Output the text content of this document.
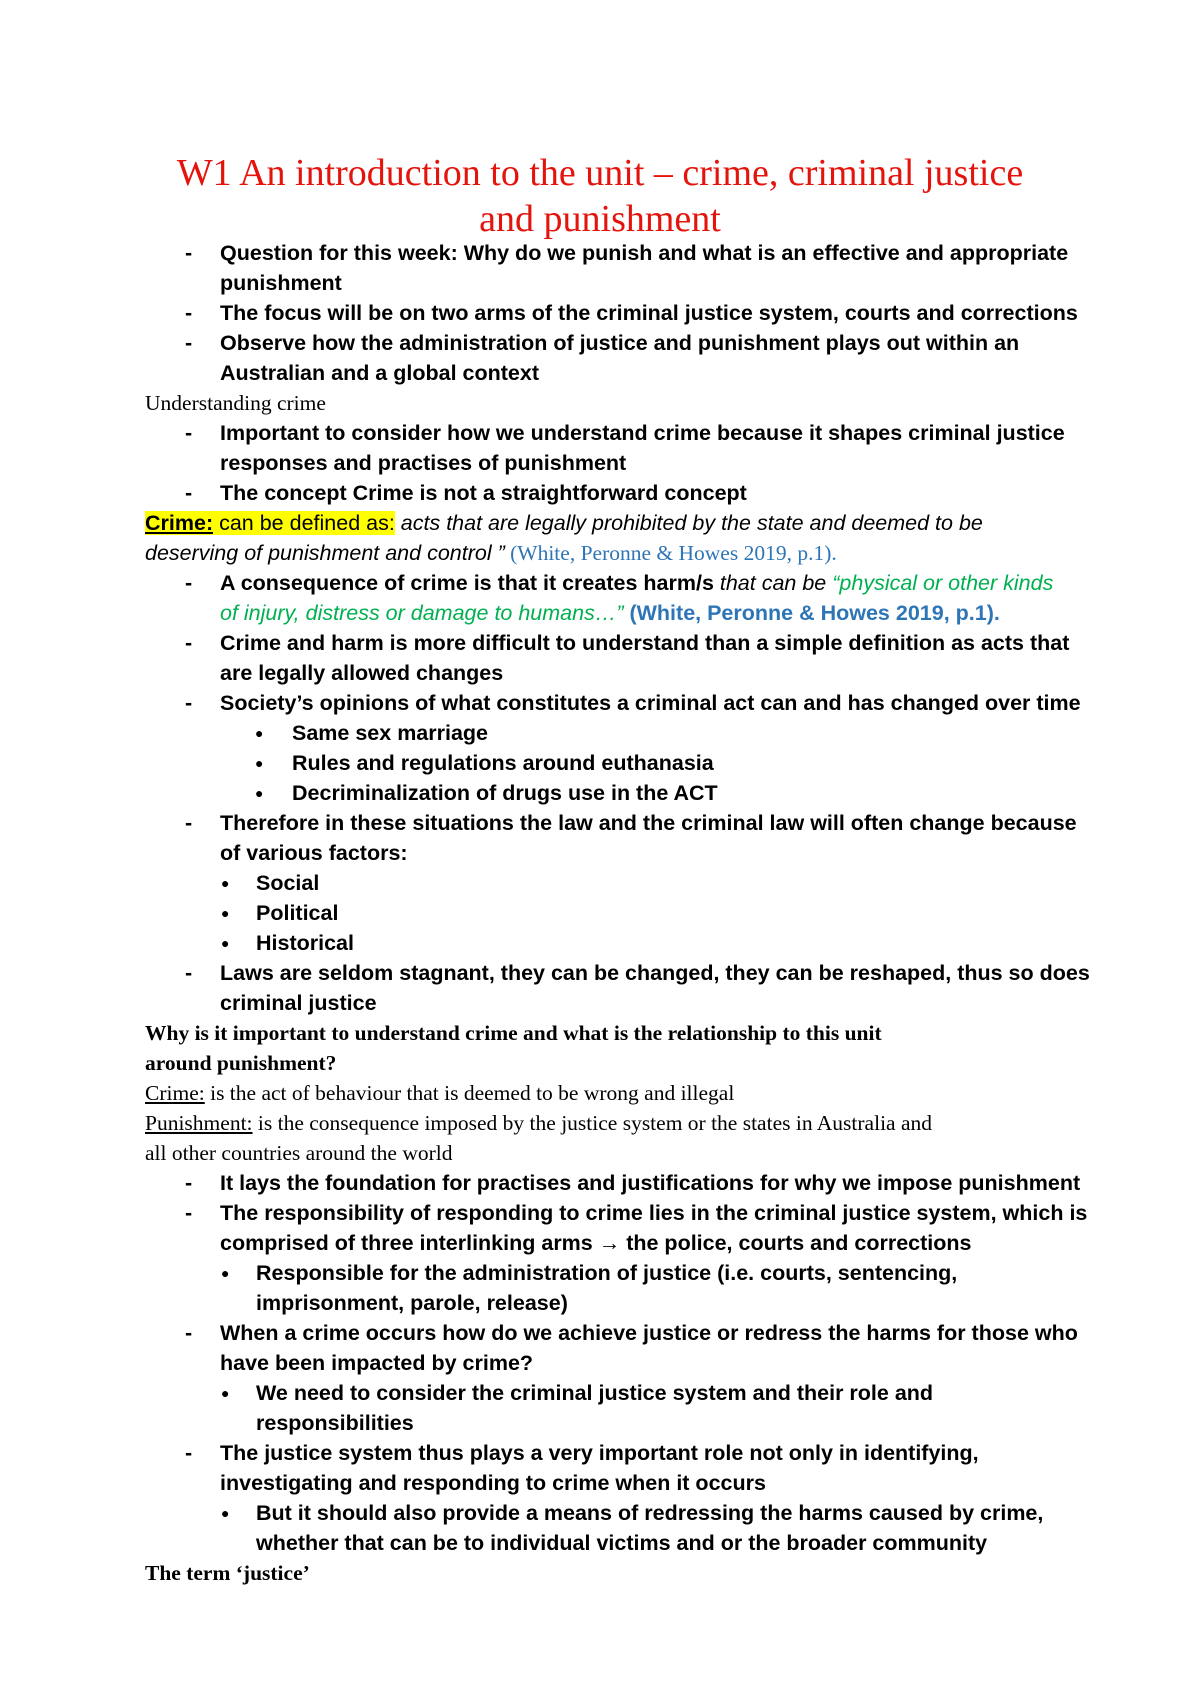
W1 An introduction to the unit – crime, criminal justice
and punishment
- Question for this week: Why do we punish and what is an effective and appropriate
punishment
- The focus will be on two arms of the criminal justice system, courts and corrections
- Observe how the administration of justice and punishment plays out within an
Australian and a global context
Understanding crime
- Important to consider how we understand crime because it shapes criminal justice
responses and practises of punishment
- The concept Crime is not a straightforward concept
Crime: can be defined as: acts that are legally prohibited by the state and deemed to be
deserving of punishment and control ” (White, Peronne & Howes 2019, p.1).
- A consequence of crime is that it creates harm/s that can be “physical or other kinds
of injury, distress or damage to humans…” (White, Peronne & Howes 2019, p.1).
- Crime and harm is more difficult to understand than a simple definition as acts that
are legally allowed changes
- Society’s opinions of what constitutes a criminal act can and has changed over time
● Same sex marriage
● Rules and regulations around euthanasia
● Decriminalization of drugs use in the ACT
- Therefore in these situations the law and the criminal law will often change because
of various factors:
● Social
● Political
● Historical
- Laws are seldom stagnant, they can be changed, they can be reshaped, thus so does
criminal justice
Why is it important to understand crime and what is the relationship to this unit
around punishment?
Crime: is the act of behaviour that is deemed to be wrong and illegal
Punishment: is the consequence imposed by the justice system or the states in Australia and
all other countries around the world
- It lays the foundation for practises and justifications for why we impose punishment
- The responsibility of responding to crime lies in the criminal justice system, which is
comprised of three interlinking arms → the police, courts and corrections
● Responsible for the administration of justice (i.e. courts, sentencing,
imprisonment, parole, release)
- When a crime occurs how do we achieve justice or redress the harms for those who
have been impacted by crime?
● We need to consider the criminal justice system and their role and
responsibilities
- The justice system thus plays a very important role not only in identifying,
investigating and responding to crime when it occurs
● But it should also provide a means of redressing the harms caused by crime,
whether that can be to individual victims and or the broader community
The term ‘justice’
